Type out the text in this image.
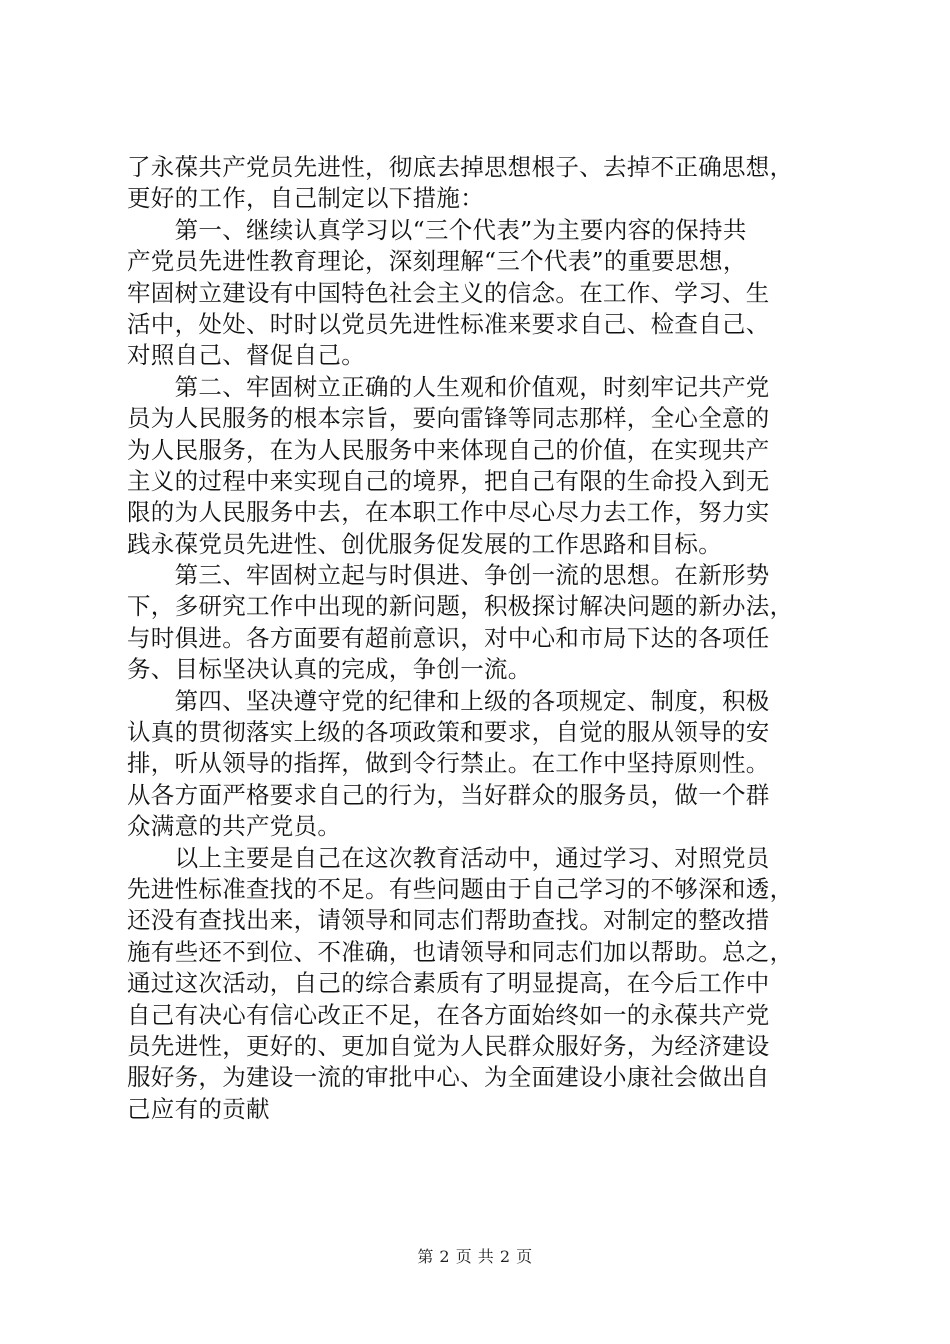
了永葆共产党员先进性，彻底去掉思想根子、去掉不正确思想，
更好的工作，自己制定以下措施：
　　第一、继续认真学习以“三个代表”为主要内容的保持共
产党员先进性教育理论，深刻理解“三个代表”的重要思想，
牢固树立建设有中国特色社会主义的信念。在工作、学习、生
活中，处处、时时以党员先进性标准来要求自己、检查自己、
对照自己、督促自己。
　　第二、牢固树立正确的人生观和价值观，时刻牢记共产党
员为人民服务的根本宗旨，要向雷锋等同志那样，全心全意的
为人民服务，在为人民服务中来体现自己的价值，在实现共产
主义的过程中来实现自己的境界，把自己有限的生命投入到无
限的为人民服务中去，在本职工作中尽心尽力去工作，努力实
践永葆党员先进性、创优服务促发展的工作思路和目标。
　　第三、牢固树立起与时俱进、争创一流的思想。在新形势
下，多研究工作中出现的新问题，积极探讨解决问题的新办法，
与时俱进。各方面要有超前意识，对中心和市局下达的各项任
务、目标坚决认真的完成，争创一流。
　　第四、坚决遵守党的纪律和上级的各项规定、制度，积极
认真的贯彻落实上级的各项政策和要求，自觉的服从领导的安
排，听从领导的指挥，做到令行禁止。在工作中坚持原则性。
从各方面严格要求自己的行为，当好群众的服务员，做一个群
众满意的共产党员。
　　以上主要是自己在这次教育活动中，通过学习、对照党员
先进性标准查找的不足。有些问题由于自己学习的不够深和透，
还没有查找出来，请领导和同志们帮助查找。对制定的整改措
施有些还不到位、不准确，也请领导和同志们加以帮助。总之，
通过这次活动，自己的综合素质有了明显提高，在今后工作中
自己有决心有信心改正不足，在各方面始终如一的永葆共产党
员先进性，更好的、更加自觉为人民群众服好务，为经济建设
服好务，为建设一流的审批中心、为全面建设小康社会做出自
己应有的贡献
第 2 页 共 2 页
